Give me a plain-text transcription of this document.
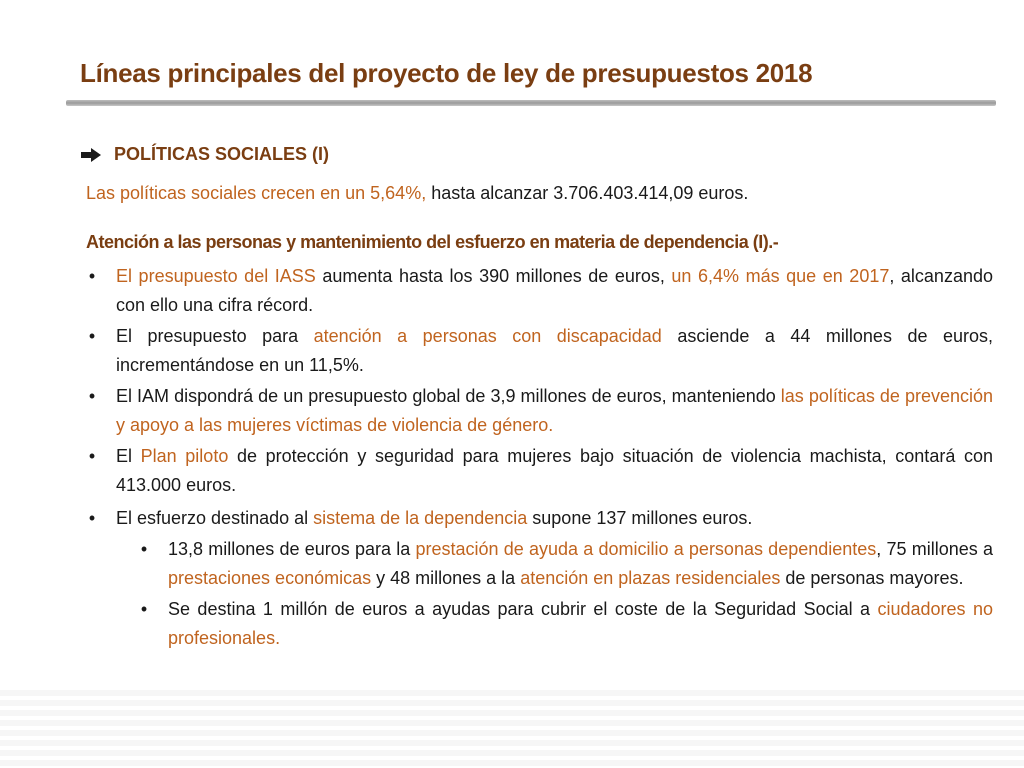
Líneas principales del proyecto de ley de presupuestos 2018
POLÍTICAS SOCIALES (I)
Las políticas sociales crecen en un 5,64%, hasta alcanzar 3.706.403.414,09 euros.
Atención a las personas y mantenimiento del esfuerzo en materia de dependencia (I).-
• El presupuesto del IASS aumenta hasta los 390 millones de euros, un 6,4% más que en 2017, alcanzando con ello una cifra récord.
• El presupuesto para atención a personas con discapacidad asciende a 44 millones de euros, incrementándose en un 11,5%.
• El IAM dispondrá de un presupuesto global de 3,9 millones de euros, manteniendo las políticas de prevención y apoyo a las mujeres víctimas de violencia de género.
• El Plan piloto de protección y seguridad para mujeres bajo situación de violencia machista, contará con 413.000 euros.
• El esfuerzo destinado al sistema de la dependencia supone 137 millones euros.
• 13,8 millones de euros para la prestación de ayuda a domicilio a personas dependientes, 75 millones a prestaciones económicas y 48 millones a la atención en plazas residenciales de personas mayores.
• Se destina 1 millón de euros a ayudas para cubrir el coste de la Seguridad Social a ciudadores no profesionales.
